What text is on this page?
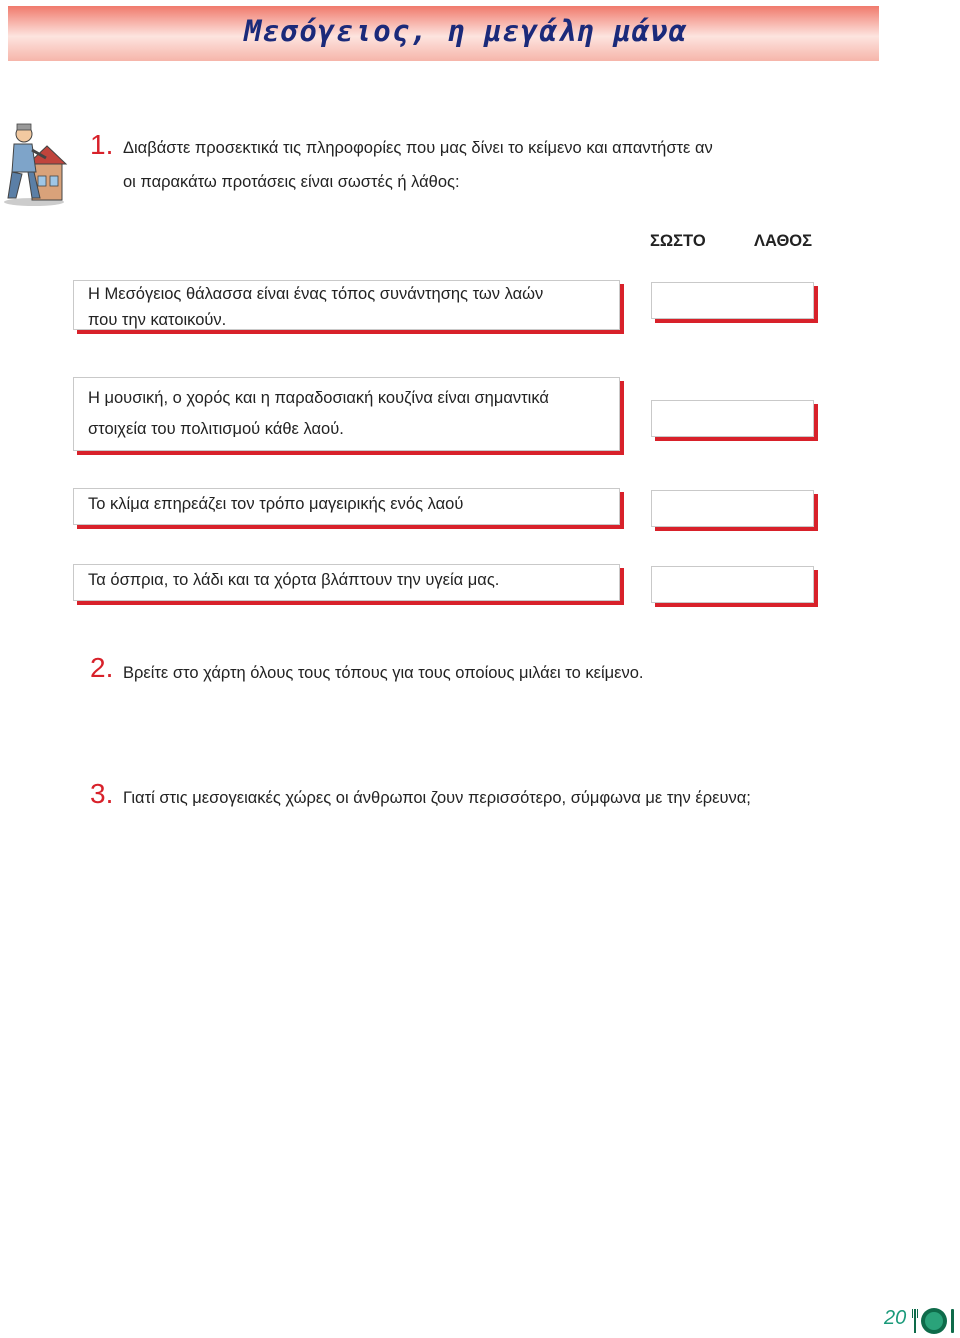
Μεσόγειος, η μεγάλη μάνα
1. Διαβάστε προσεκτικά τις πληροφορίες που μας δίνει το κείμενο και απαντήστε αν
οι παρακάτω προτάσεις είναι σωστές ή λάθος:
ΣΩΣΤΟ	ΛΑΘΟΣ
Η Μεσόγειος θάλασσα είναι ένας τόπος συνάντησης των λαών
που την κατοικούν.
Η μουσική, ο χορός και η παραδοσιακή κουζίνα είναι σημαντικά
στοιχεία του πολιτισμού κάθε λαού.
Το κλίμα επηρεάζει τον τρόπο μαγειρικής ενός λαού
Τα όσπρια, το λάδι και τα χόρτα βλάπτουν την υγεία μας.
2. Βρείτε στο χάρτη όλους τους τόπους για τους οποίους μιλάει το κείμενο.
3. Γιατί στις μεσογειακές χώρες οι άνθρωποι ζουν περισσότερο, σύμφωνα με την έρευνα;
20
